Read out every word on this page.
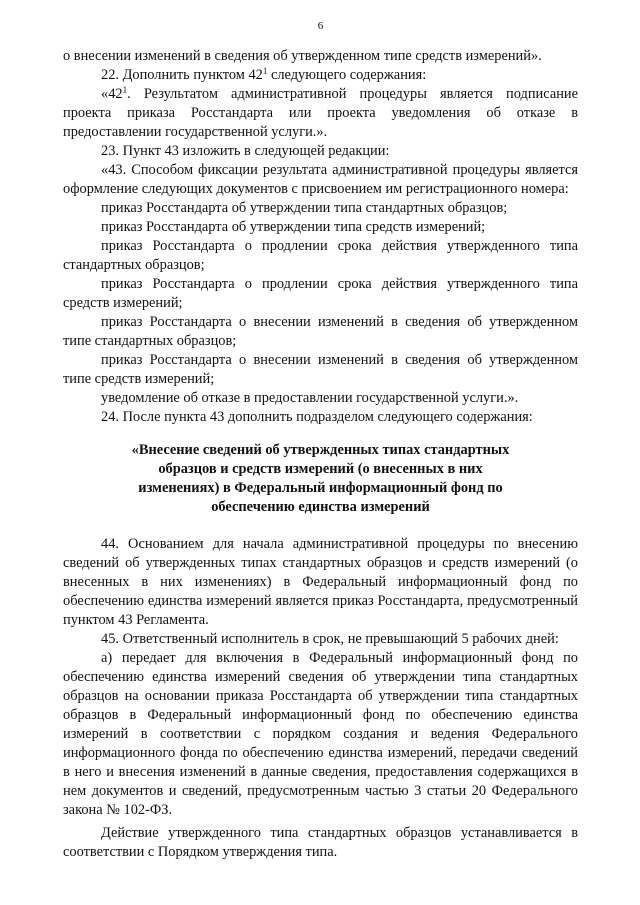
6

о внесении изменений в сведения об утвержденном типе средств измерений».

22. Дополнить пунктом $42^1$ следующего содержания:

«$42^1$. Результатом административной процедуры является подписание проекта приказа Росстандарта или проекта уведомления об отказе в предоставлении государственной услуги.».

23. Пункт 43 изложить в следующей редакции:

«43. Способом фиксации результата административной процедуры является оформление следующих документов с присвоением им регистрационного номера:

приказ Росстандарта об утверждении типа стандартных образцов;

приказ Росстандарта об утверждении типа средств измерений;

приказ Росстандарта о продлении срока действия утвержденного типа стандартных образцов;

приказ Росстандарта о продлении срока действия утвержденного типа средств измерений;

приказ Росстандарта о внесении изменений в сведения об утвержденном типе стандартных образцов;

приказ Росстандарта о внесении изменений в сведения об утвержденном типе средств измерений;

уведомление об отказе в предоставлении государственной услуги.».

24. После пункта 43 дополнить подразделом следующего содержания:

«Внесение сведений об утвержденных типах стандартных
образцов и средств измерений (о внесенных в них
изменениях) в Федеральный информационный фонд по
обеспечению единства измерений

44. Основанием для начала административной процедуры по внесению сведений об утвержденных типах стандартных образцов и средств измерений (о внесенных в них изменениях) в Федеральный информационный фонд по обеспечению единства измерений является приказ Росстандарта, предусмотренный пунктом 43 Регламента.

45. Ответственный исполнитель в срок, не превышающий 5 рабочих дней:

а) передает для включения в Федеральный информационный фонд по обеспечению единства измерений сведения об утверждении типа стандартных образцов на основании приказа Росстандарта об утверждении типа стандартных образцов в Федеральный информационный фонд по обеспечению единства измерений в соответствии с порядком создания и ведения Федерального информационного фонда по обеспечению единства измерений, передачи сведений в него и внесения изменений в данные сведения, предоставления содержащихся в нем документов и сведений, предусмотренным частью 3 статьи 20 Федерального закона № 102-ФЗ.

Действие утвержденного типа стандартных образцов устанавливается в соответствии с Порядком утверждения типа.
